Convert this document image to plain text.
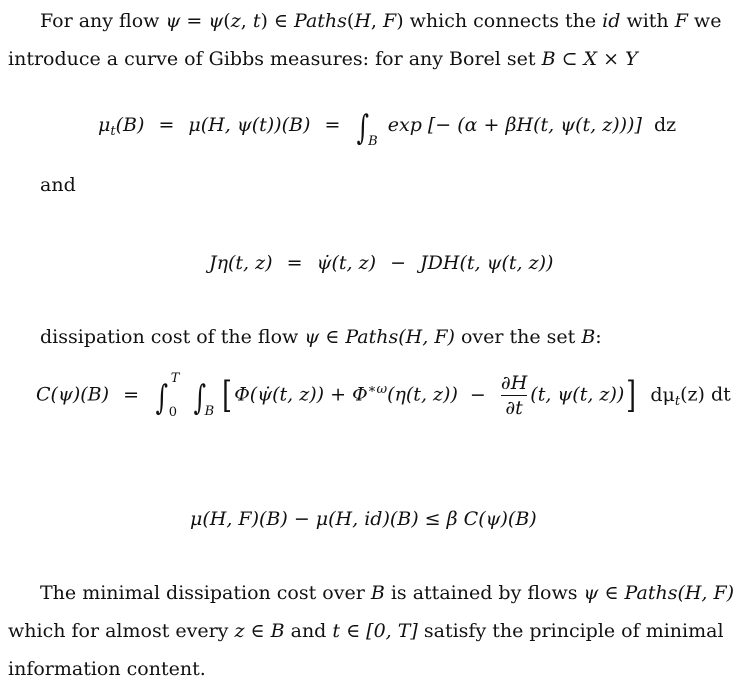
For any flow ψ = ψ(z, t) ∈ Paths(H, F) which connects the id with F we
introduce a curve of Gibbs measures: for any Borel set B ⊂ X × Y
$\mu_t(B) = \mu(H$, $\psi(t))(B) = \int_B$ exp [− (α + βH(t, ψ(t, z)))] dz
and
Jη(t, z) = ψ̇(t, z) − JDH(t, ψ(t, z))
dissipation cost of the flow ψ ∈ Paths(H, F) over the set B:
C(ψ)(B) = ∫ T
0 $\int_B$ [ Φ(ψ̇(t, $z)) + \Phi^{∗\omega}(\eta(t$, $z)) - \frac{\partial H}{\partial t} (t$, ψ(t, z))] $d\mu_t(z)$ dt
μ(H, F)(B) − μ(H, id)(B) ≤ β C(ψ)(B)
The minimal dissipation cost over B is attained by flows ψ ∈ Paths(H, F)
which for almost every z ∈ B and t ∈ [0, T] satisfy the principle of minimal
information content.
